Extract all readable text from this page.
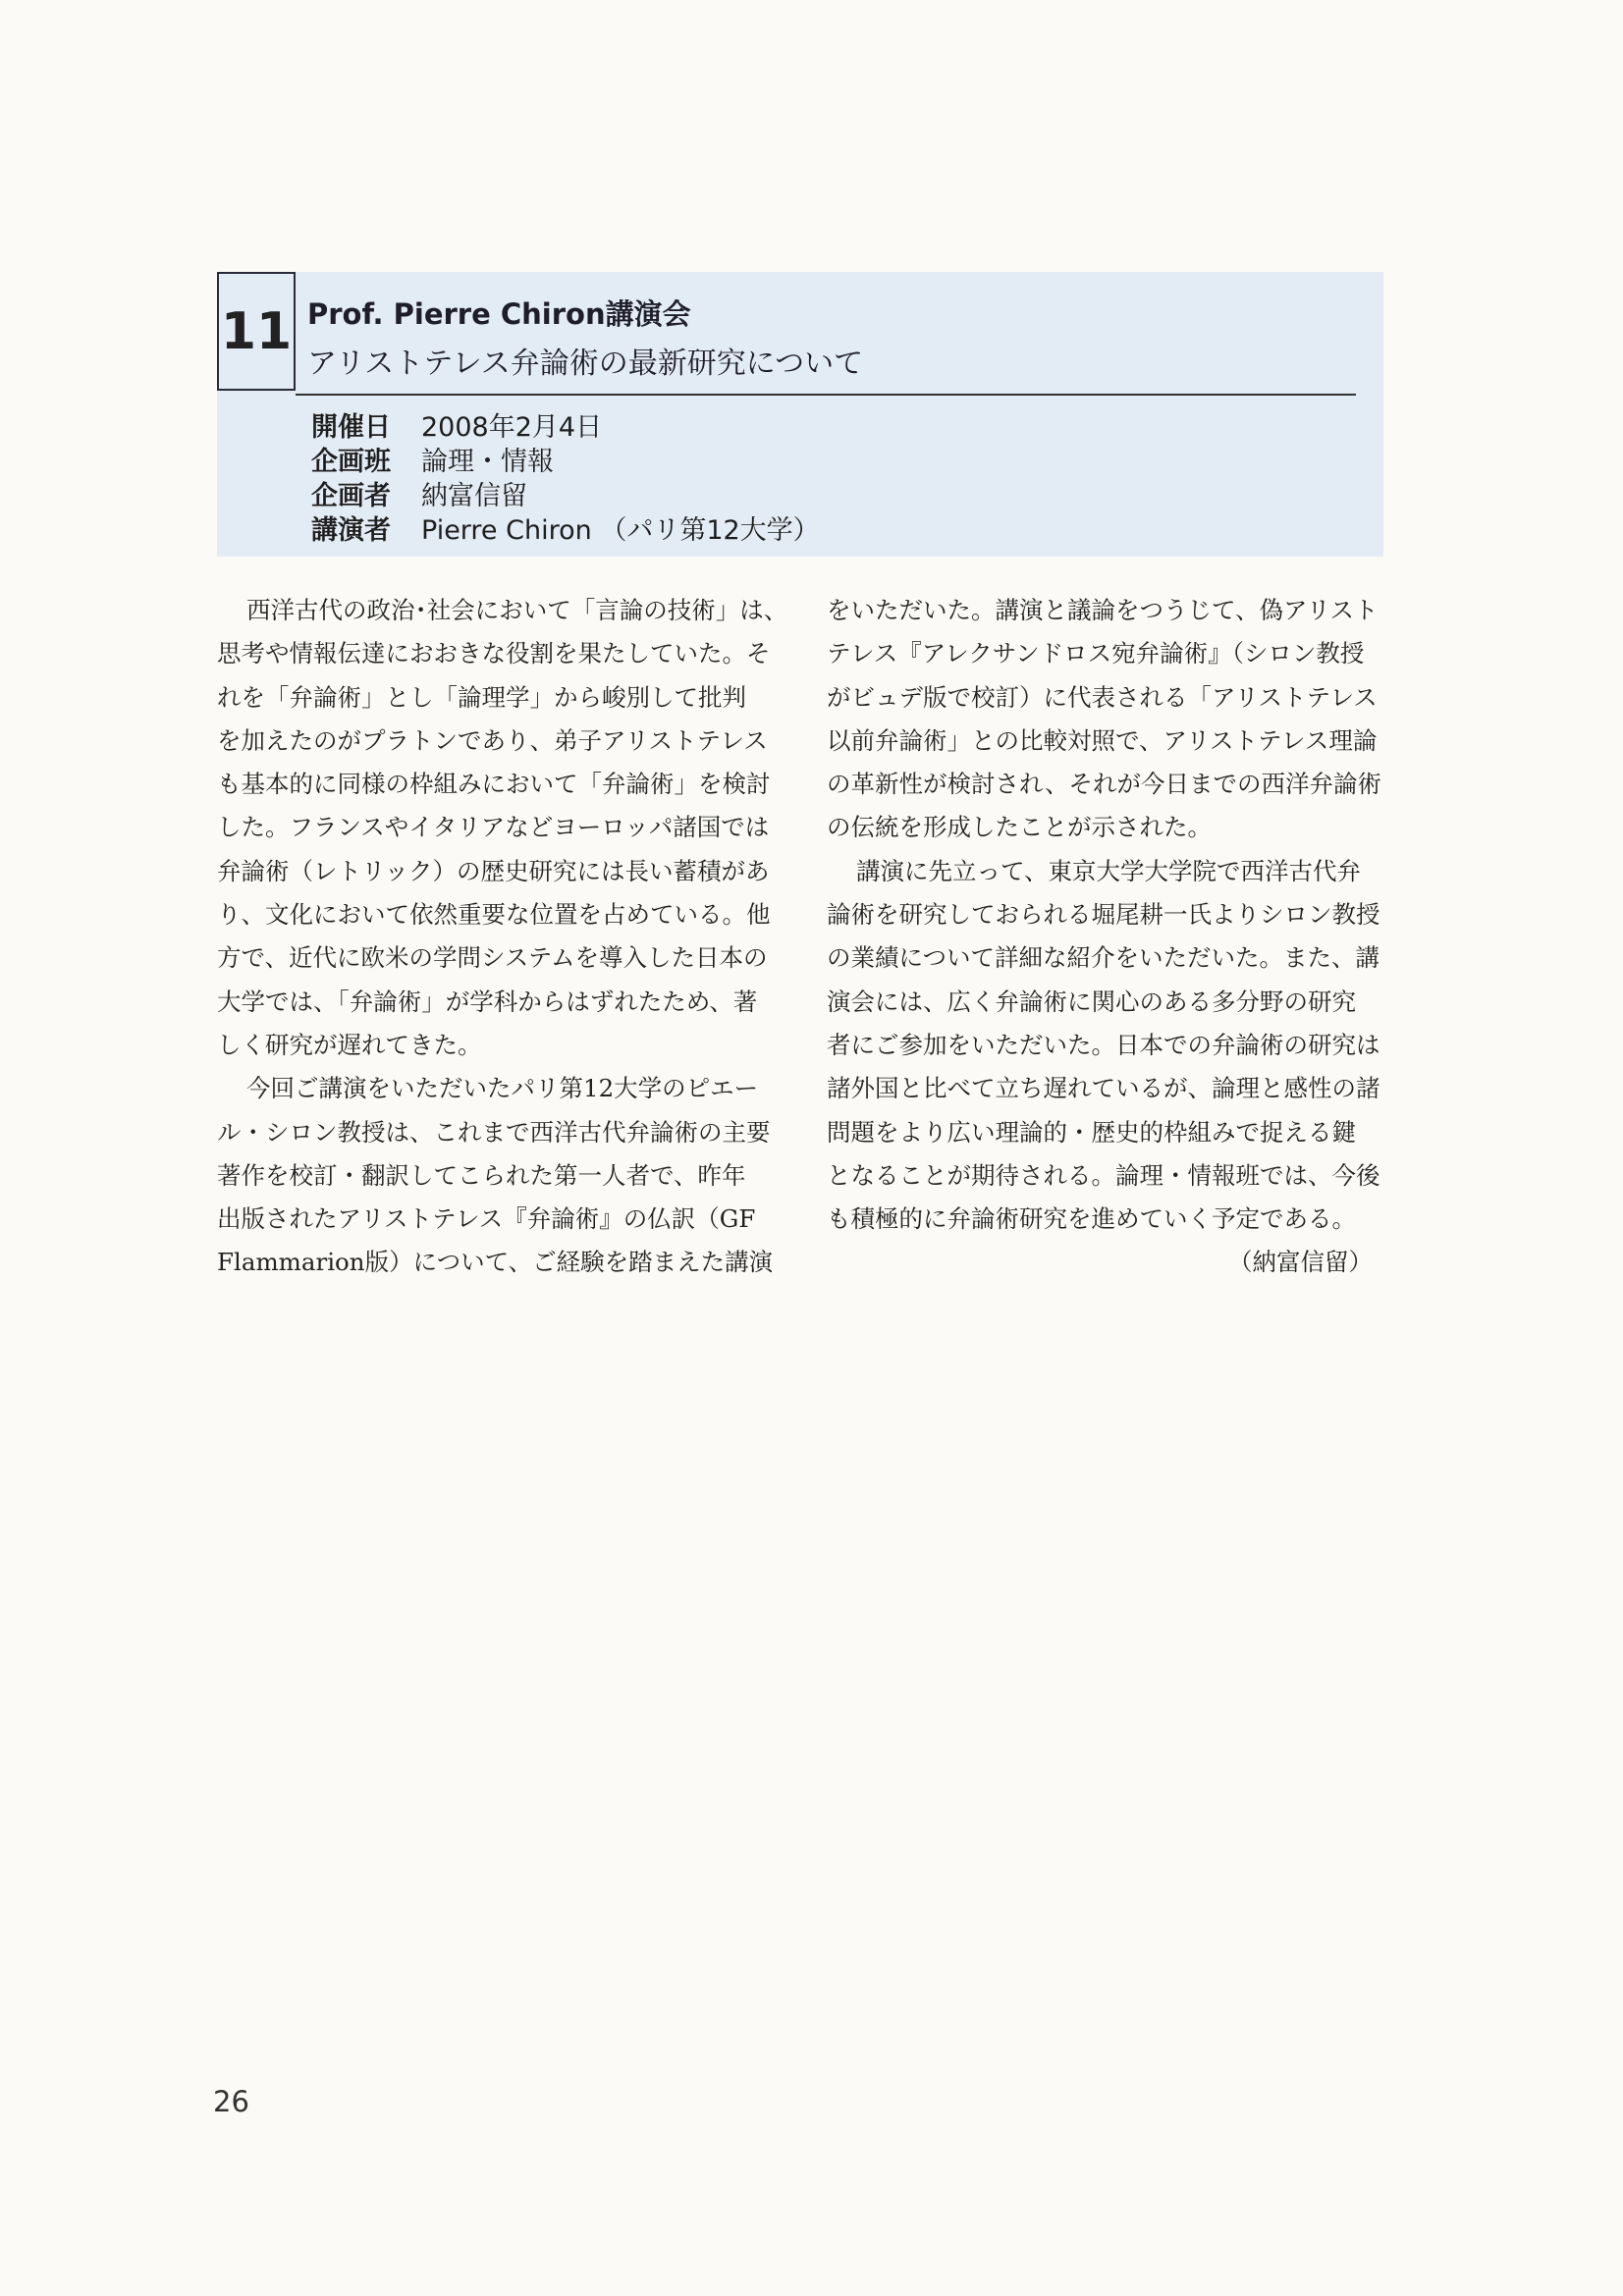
11 Prof. Pierre Chiron講演会
アリストテレス弁論術の最新研究について
開催日	2008年2月4日
企画班	論理・情報
企画者	納富信留
講演者	Pierre Chiron （パリ第12大学）
西洋古代の政治･社会において「言論の技術」は、
思考や情報伝達におおきな役割を果たしていた。そ
れを「弁論術」とし「論理学」から峻別して批判
を加えたのがプラトンであり、弟子アリストテレス
も基本的に同様の枠組みにおいて「弁論術」を検討
した。フランスやイタリアなどヨーロッパ諸国では
弁論術（レトリック）の歴史研究には長い蓄積があ
り、文化において依然重要な位置を占めている。他
方で、近代に欧米の学問システムを導入した日本の
大学では、「弁論術」が学科からはずれたため、著
しく研究が遅れてきた。
今回ご講演をいただいたパリ第12大学のピエー
ル・シロン教授は、これまで西洋古代弁論術の主要
著作を校訂・翻訳してこられた第一人者で、昨年
出版されたアリストテレス『弁論術』の仏訳（GF
Flammarion版）について、ご経験を踏まえた講演
をいただいた。講演と議論をつうじて、偽アリスト
テレス『アレクサンドロス宛弁論術』（シロン教授
がビュデ版で校訂）に代表される「アリストテレス
以前弁論術」との比較対照で、アリストテレス理論
の革新性が検討され、それが今日までの西洋弁論術
の伝統を形成したことが示された。
講演に先立って、東京大学大学院で西洋古代弁
論術を研究しておられる堀尾耕一氏よりシロン教授
の業績について詳細な紹介をいただいた。また、講
演会には、広く弁論術に関心のある多分野の研究
者にご参加をいただいた。日本での弁論術の研究は
諸外国と比べて立ち遅れているが、論理と感性の諸
問題をより広い理論的・歴史的枠組みで捉える鍵
となることが期待される。論理・情報班では、今後
も積極的に弁論術研究を進めていく予定である。
（納富信留）
26
